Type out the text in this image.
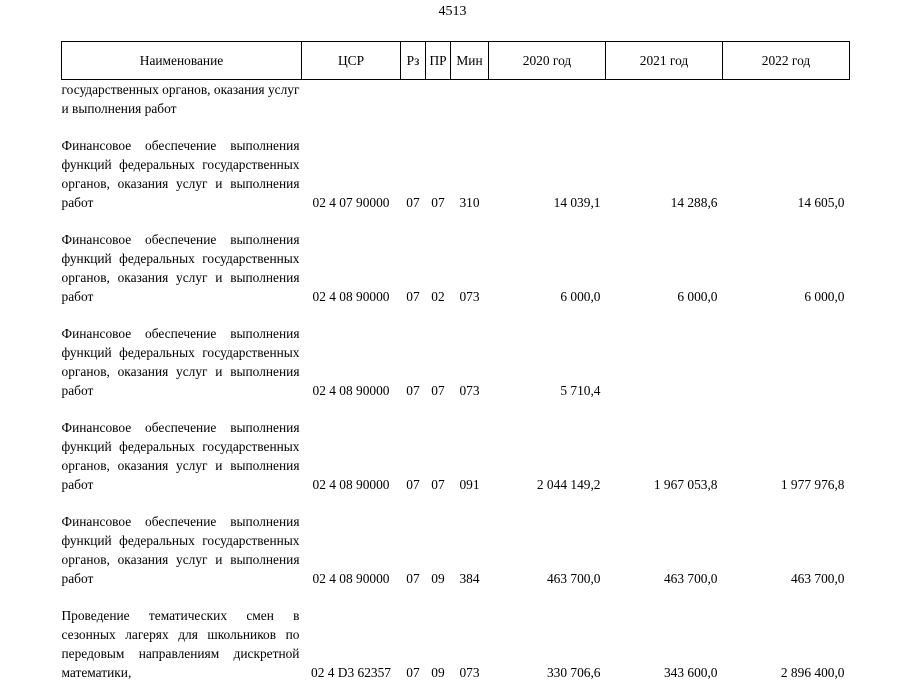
4513
Наименование	ЦСР	Рз	ПР	Мин	2020 год	2021 год	2022 год
государственных органов, оказания услуг и выполнения работ							

Финансовое обеспечение выполнения функций федеральных государственных органов, оказания услуг и выполнения работ	02 4 07 90000	07	07	310	14 039,1	14 288,6	14 605,0

Финансовое обеспечение выполнения функций федеральных государственных органов, оказания услуг и выполнения работ	02 4 08 90000	07	02	073	6 000,0	6 000,0	6 000,0

Финансовое обеспечение выполнения функций федеральных государственных органов, оказания услуг и выполнения работ	02 4 08 90000	07	07	073	5 710,4		

Финансовое обеспечение выполнения функций федеральных государственных органов, оказания услуг и выполнения работ	02 4 08 90000	07	07	091	2 044 149,2	1 967 053,8	1 977 976,8

Финансовое обеспечение выполнения функций федеральных государственных органов, оказания услуг и выполнения работ	02 4 08 90000	07	09	384	463 700,0	463 700,0	463 700,0

Проведение тематических смен в сезонных лагерях для школьников по передовым направлениям дискретной математики,	02 4 D3 62357	07	09	073	330 706,6	343 600,0	2 896 400,0
